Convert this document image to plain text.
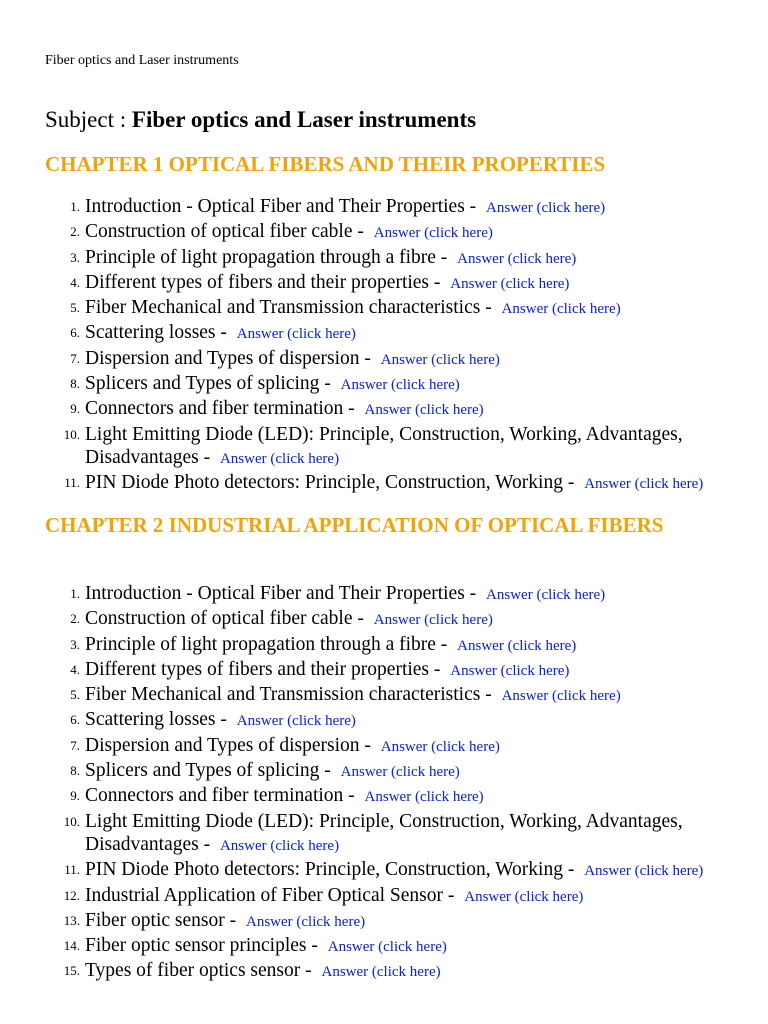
Fiber optics and Laser instruments
Subject : Fiber optics and Laser instruments
CHAPTER 1 OPTICAL FIBERS AND THEIR PROPERTIES
1. Introduction - Optical Fiber and Their Properties - Answer (click here)
2. Construction of optical fiber cable - Answer (click here)
3. Principle of light propagation through a fibre - Answer (click here)
4. Different types of fibers and their properties - Answer (click here)
5. Fiber Mechanical and Transmission characteristics - Answer (click here)
6. Scattering losses - Answer (click here)
7. Dispersion and Types of dispersion - Answer (click here)
8. Splicers and Types of splicing - Answer (click here)
9. Connectors and fiber termination - Answer (click here)
10. Light Emitting Diode (LED): Principle, Construction, Working, Advantages, Disadvantages - Answer (click here)
11. PIN Diode Photo detectors: Principle, Construction, Working - Answer (click here)
CHAPTER 2 INDUSTRIAL APPLICATION OF OPTICAL FIBERS
1. Introduction - Optical Fiber and Their Properties - Answer (click here)
2. Construction of optical fiber cable - Answer (click here)
3. Principle of light propagation through a fibre - Answer (click here)
4. Different types of fibers and their properties - Answer (click here)
5. Fiber Mechanical and Transmission characteristics - Answer (click here)
6. Scattering losses - Answer (click here)
7. Dispersion and Types of dispersion - Answer (click here)
8. Splicers and Types of splicing - Answer (click here)
9. Connectors and fiber termination - Answer (click here)
10. Light Emitting Diode (LED): Principle, Construction, Working, Advantages, Disadvantages - Answer (click here)
11. PIN Diode Photo detectors: Principle, Construction, Working - Answer (click here)
12. Industrial Application of Fiber Optical Sensor - Answer (click here)
13. Fiber optic sensor - Answer (click here)
14. Fiber optic sensor principles - Answer (click here)
15. Types of fiber optics sensor - Answer (click here)
